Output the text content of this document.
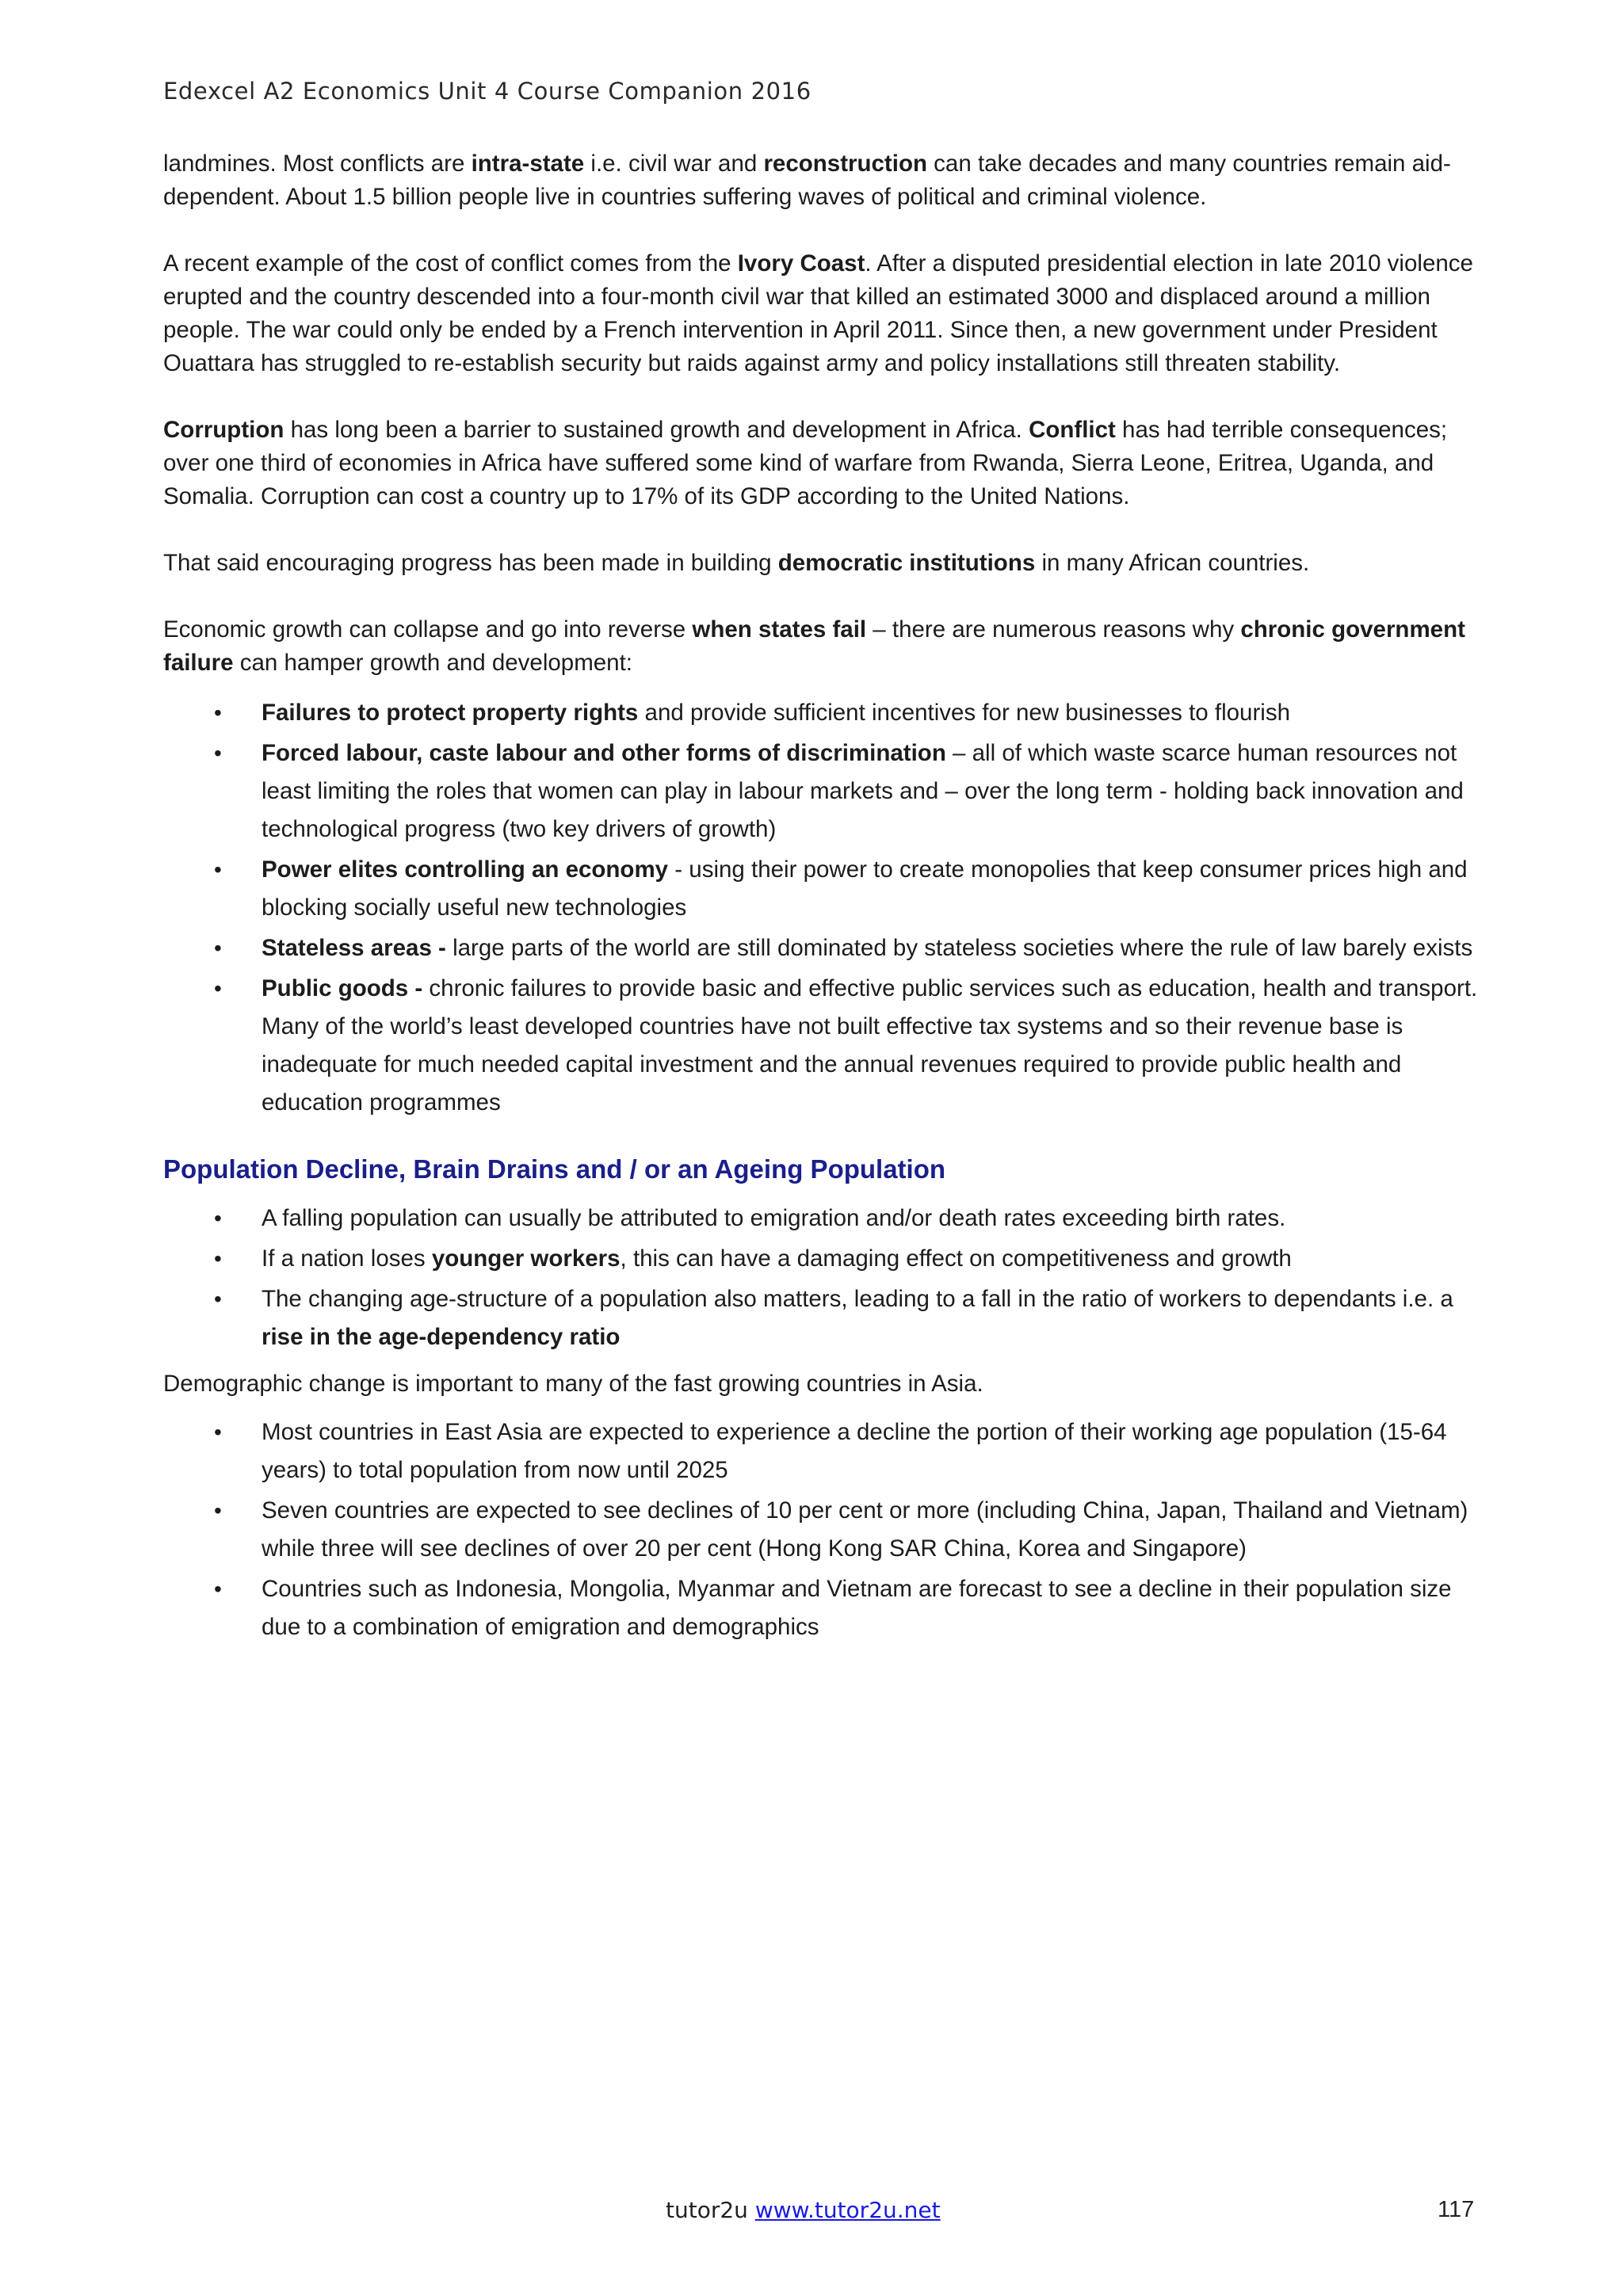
Edexcel A2 Economics Unit 4 Course Companion 2016

landmines. Most conflicts are intra-state i.e. civil war and reconstruction can take decades and many countries remain aid-dependent. About 1.5 billion people live in countries suffering waves of political and criminal violence.

A recent example of the cost of conflict comes from the Ivory Coast. After a disputed presidential election in late 2010 violence erupted and the country descended into a four-month civil war that killed an estimated 3000 and displaced around a million people. The war could only be ended by a French intervention in April 2011. Since then, a new government under President Ouattara has struggled to re-establish security but raids against army and policy installations still threaten stability.

Corruption has long been a barrier to sustained growth and development in Africa. Conflict has had terrible consequences; over one third of economies in Africa have suffered some kind of warfare from Rwanda, Sierra Leone, Eritrea, Uganda, and Somalia. Corruption can cost a country up to 17% of its GDP according to the United Nations.

That said encouraging progress has been made in building democratic institutions in many African countries.

Economic growth can collapse and go into reverse when states fail – there are numerous reasons why chronic government failure can hamper growth and development:

• Failures to protect property rights and provide sufficient incentives for new businesses to flourish
• Forced labour, caste labour and other forms of discrimination – all of which waste scarce human resources not least limiting the roles that women can play in labour markets and – over the long term - holding back innovation and technological progress (two key drivers of growth)
• Power elites controlling an economy - using their power to create monopolies that keep consumer prices high and blocking socially useful new technologies
• Stateless areas - large parts of the world are still dominated by stateless societies where the rule of law barely exists
• Public goods - chronic failures to provide basic and effective public services such as education, health and transport. Many of the world’s least developed countries have not built effective tax systems and so their revenue base is inadequate for much needed capital investment and the annual revenues required to provide public health and education programmes
Population Decline, Brain Drains and / or an Ageing Population
• A falling population can usually be attributed to emigration and/or death rates exceeding birth rates.
• If a nation loses younger workers, this can have a damaging effect on competitiveness and growth
• The changing age-structure of a population also matters, leading to a fall in the ratio of workers to dependants i.e. a rise in the age-dependency ratio

Demographic change is important to many of the fast growing countries in Asia.

• Most countries in East Asia are expected to experience a decline the portion of their working age population (15-64 years) to total population from now until 2025
• Seven countries are expected to see declines of 10 per cent or more (including China, Japan, Thailand and Vietnam) while three will see declines of over 20 per cent (Hong Kong SAR China, Korea and Singapore)
• Countries such as Indonesia, Mongolia, Myanmar and Vietnam are forecast to see a decline in their population size due to a combination of emigration and demographics
tutor2u www.tutor2u.net	117
